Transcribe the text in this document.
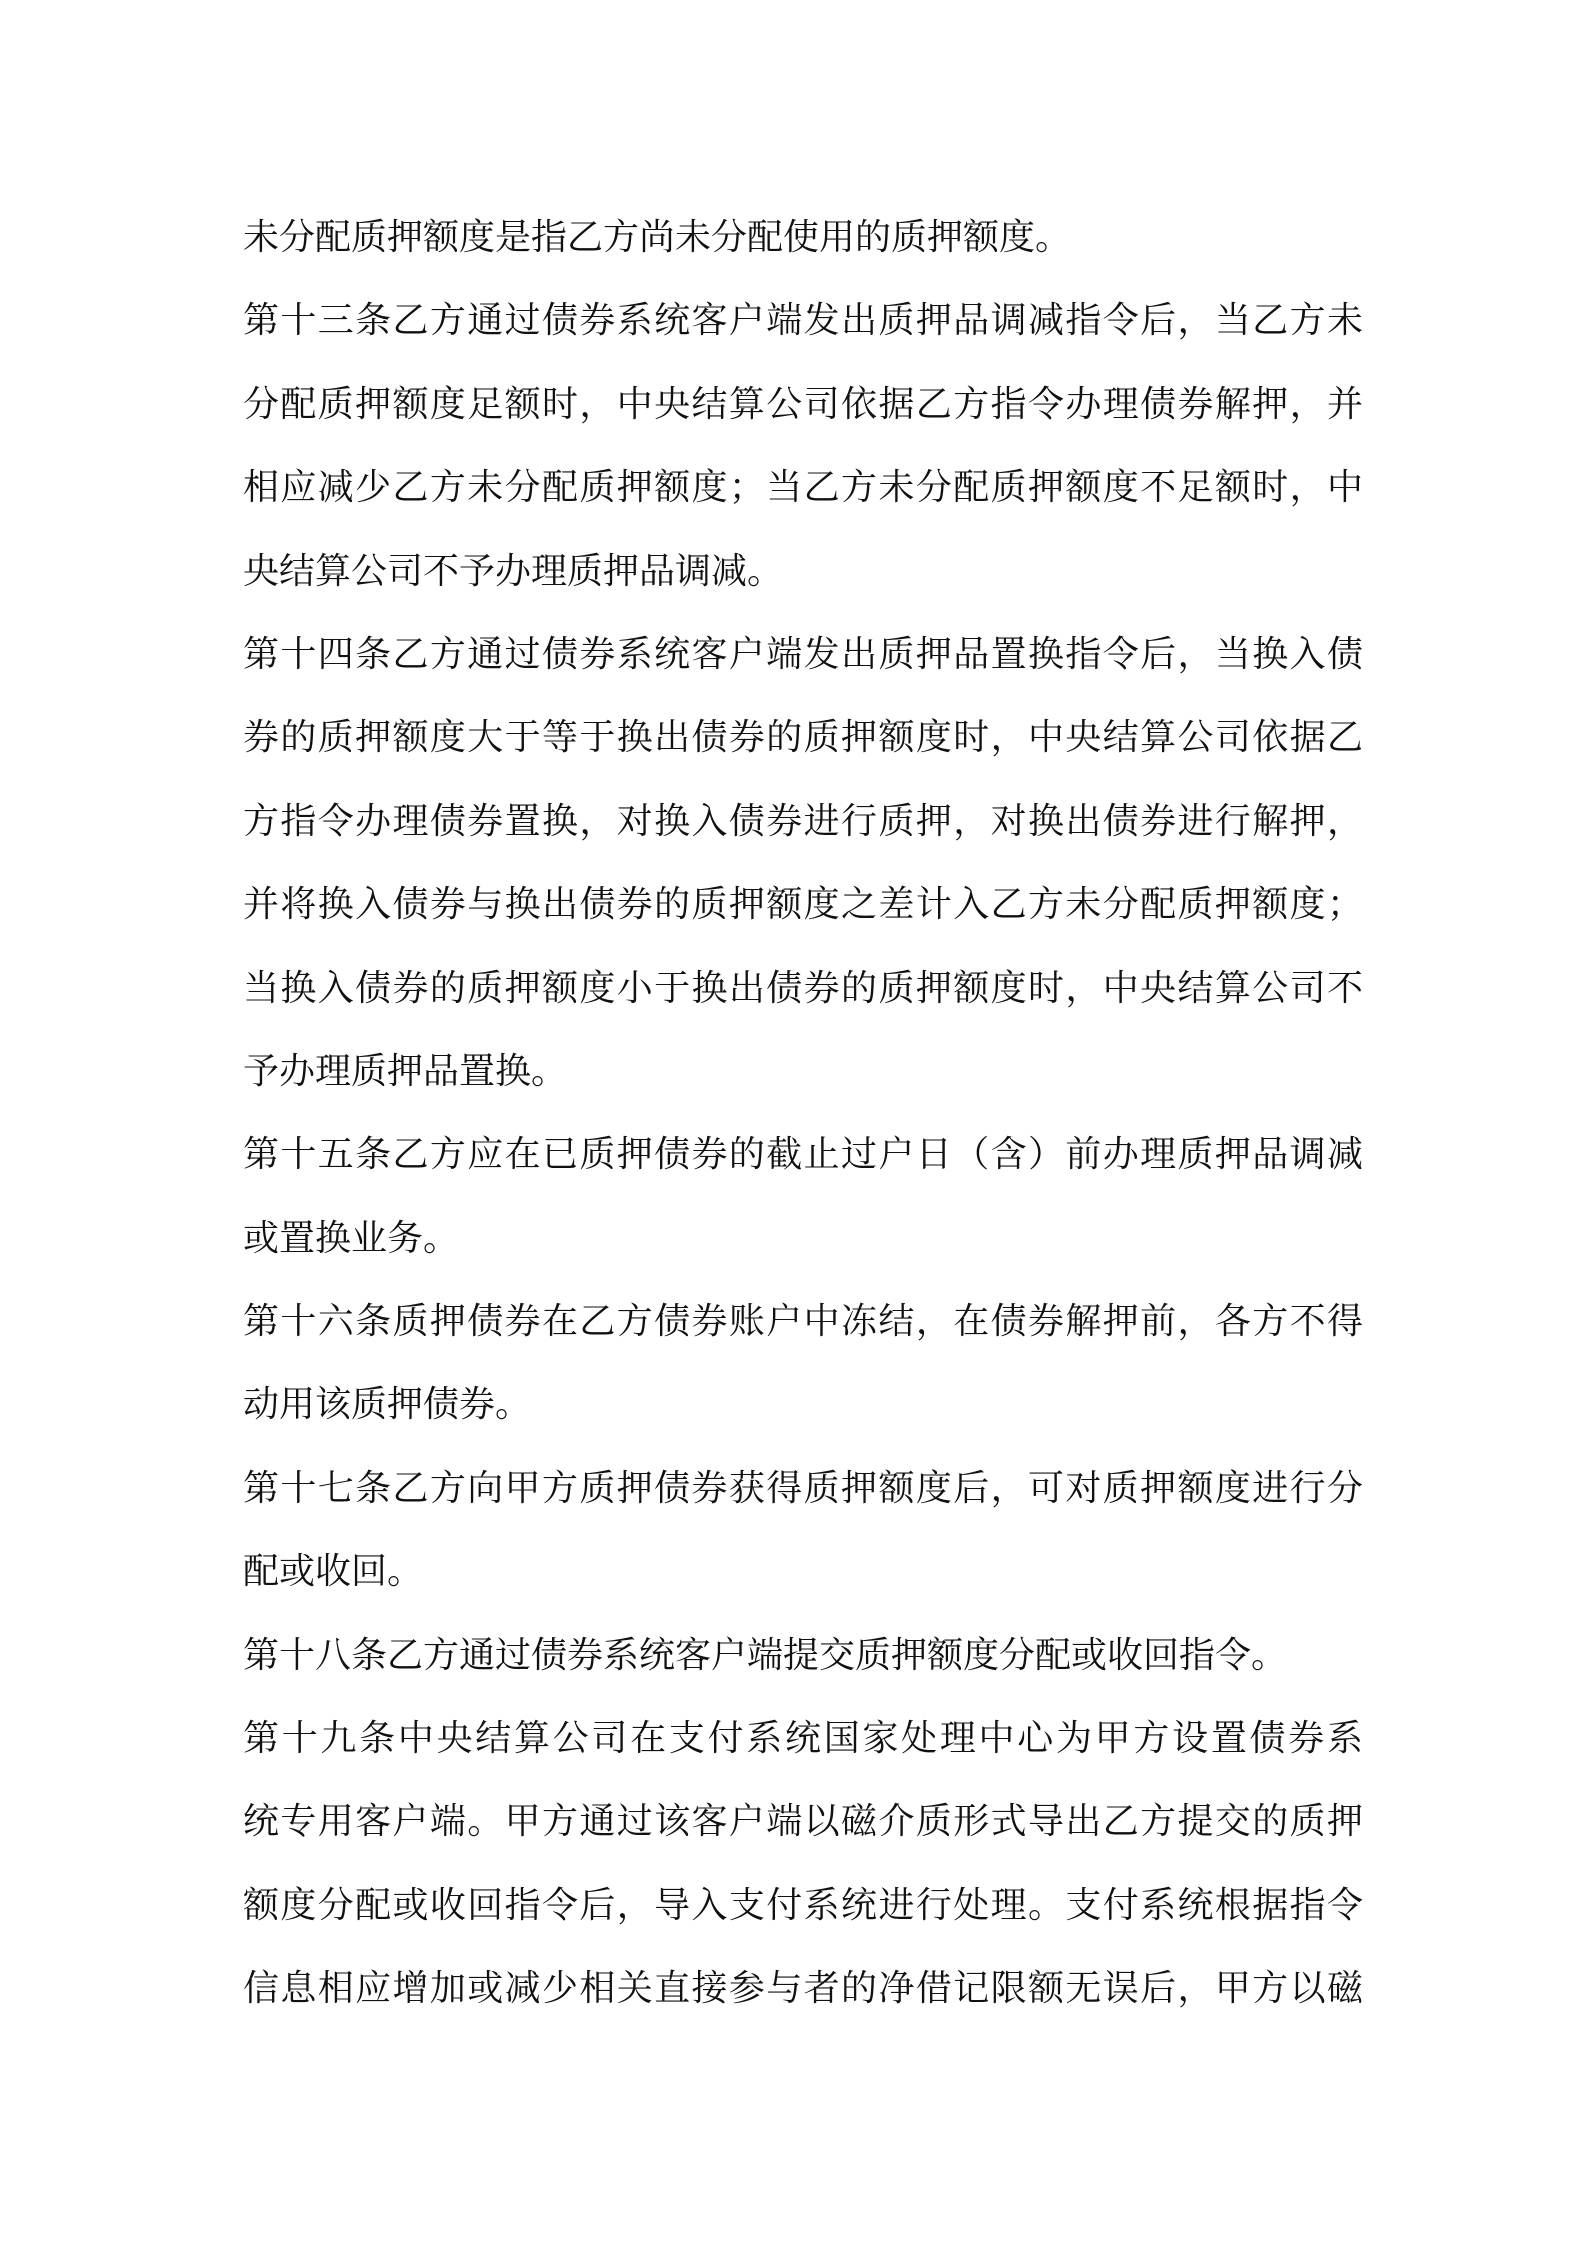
未分配质押额度是指乙方尚未分配使用的质押额度。
第十三条乙方通过债券系统客户端发出质押品调减指令后，当乙方未
分配质押额度足额时，中央结算公司依据乙方指令办理债券解押，并
相应减少乙方未分配质押额度；当乙方未分配质押额度不足额时，中
央结算公司不予办理质押品调减。
第十四条乙方通过债券系统客户端发出质押品置换指令后，当换入债
券的质押额度大于等于换出债券的质押额度时，中央结算公司依据乙
方指令办理债券置换，对换入债券进行质押，对换出债券进行解押，
并将换入债券与换出债券的质押额度之差计入乙方未分配质押额度；
当换入债券的质押额度小于换出债券的质押额度时，中央结算公司不
予办理质押品置换。
第十五条乙方应在已质押债券的截止过户日（含）前办理质押品调减
或置换业务。
第十六条质押债券在乙方债券账户中冻结，在债券解押前，各方不得
动用该质押债券。
第十七条乙方向甲方质押债券获得质押额度后，可对质押额度进行分
配或收回。
第十八条乙方通过债券系统客户端提交质押额度分配或收回指令。
第十九条中央结算公司在支付系统国家处理中心为甲方设置债券系
统专用客户端。甲方通过该客户端以磁介质形式导出乙方提交的质押
额度分配或收回指令后，导入支付系统进行处理。支付系统根据指令
信息相应增加或减少相关直接参与者的净借记限额无误后，甲方以磁
